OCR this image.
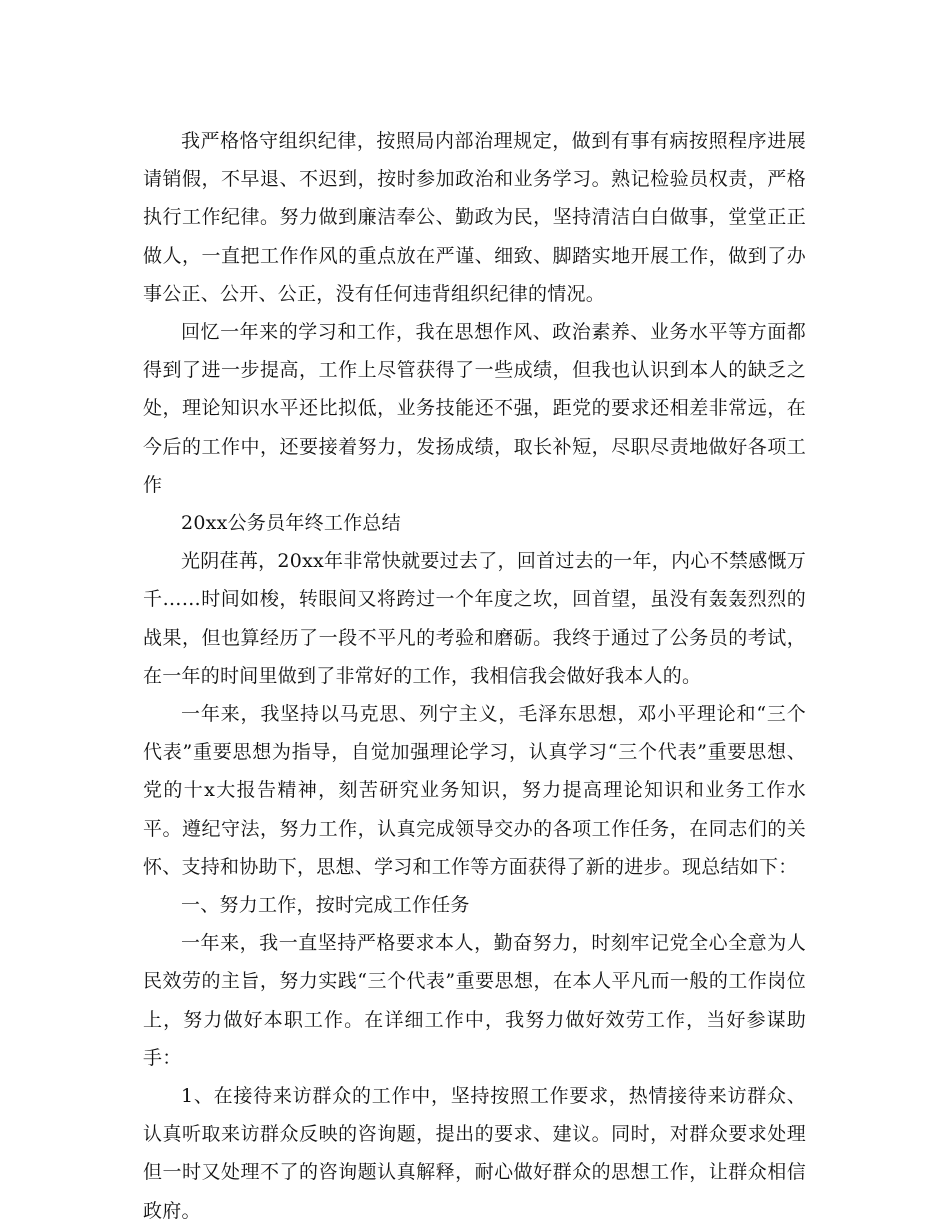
我严格恪守组织纪律，按照局内部治理规定，做到有事有病按照程序进展请销假，不早退、不迟到，按时参加政治和业务学习。熟记检验员权责，严格执行工作纪律。努力做到廉洁奉公、勤政为民，坚持清洁白白做事，堂堂正正做人，一直把工作作风的重点放在严谨、细致、脚踏实地开展工作，做到了办事公正、公开、公正，没有任何违背组织纪律的情况。

回忆一年来的学习和工作，我在思想作风、政治素养、业务水平等方面都得到了进一步提高，工作上尽管获得了一些成绩，但我也认识到本人的缺乏之处，理论知识水平还比拟低，业务技能还不强，距党的要求还相差非常远，在今后的工作中，还要接着努力，发扬成绩，取长补短，尽职尽责地做好各项工作

20xx公务员年终工作总结

光阴荏苒，20xx年非常快就要过去了，回首过去的一年，内心不禁感慨万千……时间如梭，转眼间又将跨过一个年度之坎，回首望，虽没有轰轰烈烈的战果，但也算经历了一段不平凡的考验和磨砺。我终于通过了公务员的考试，在一年的时间里做到了非常好的工作，我相信我会做好我本人的。

一年来，我坚持以马克思、列宁主义，毛泽东思想，邓小平理论和“三个代表”重要思想为指导，自觉加强理论学习，认真学习“三个代表”重要思想、党的十x大报告精神，刻苦研究业务知识，努力提高理论知识和业务工作水平。遵纪守法，努力工作，认真完成领导交办的各项工作任务，在同志们的关怀、支持和协助下，思想、学习和工作等方面获得了新的进步。现总结如下：

一、努力工作，按时完成工作任务

一年来，我一直坚持严格要求本人，勤奋努力，时刻牢记党全心全意为人民效劳的主旨，努力实践“三个代表”重要思想，在本人平凡而一般的工作岗位上，努力做好本职工作。在详细工作中，我努力做好效劳工作，当好参谋助手：

1、在接待来访群众的工作中，坚持按照工作要求，热情接待来访群众、认真听取来访群众反映的咨询题，提出的要求、建议。同时，对群众要求处理但一时又处理不了的咨询题认真解释，耐心做好群众的思想工作，让群众相信政府。
